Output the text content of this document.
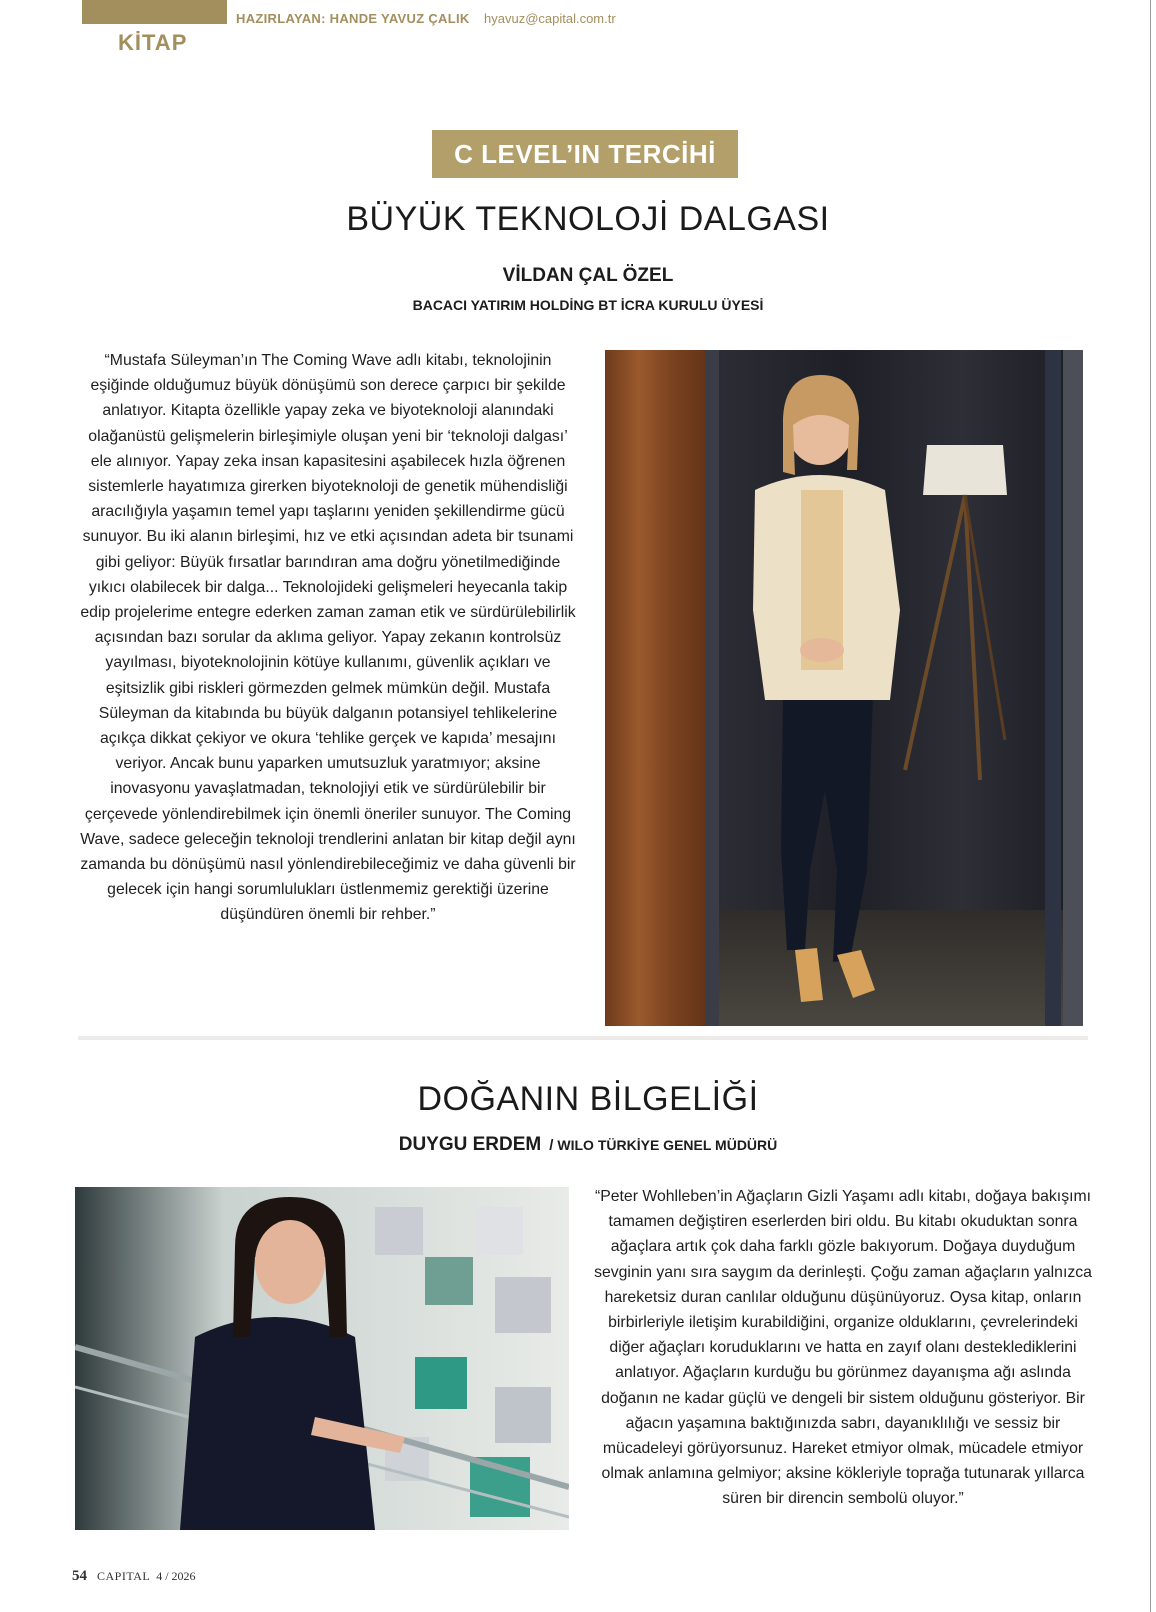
KİTAP
HAZIRLAYAN: HANDE YAVUZ ÇALIK hyavuz@capital.com.tr
C LEVEL’IN TERCİHİ
BÜYÜK TEKNOLOJİ DALGASI
VİLDAN ÇAL ÖZEL
BACACI YATIRIM HOLDİNG BT İCRA KURULU ÜYESİ
“Mustafa Süleyman’ın The Coming Wave adlı kitabı, teknolojinin eşiğinde olduğumuz büyük dönüşümü son derece çarpıcı bir şekilde anlatıyor. Kitapta özellikle yapay zeka ve biyoteknoloji alanındaki olağanüstü gelişmelerin birleşimiyle oluşan yeni bir ‘teknoloji dalgası’ ele alınıyor. Yapay zeka insan kapasitesini aşabilecek hızla öğrenen sistemlerle hayatımıza girerken biyoteknoloji de genetik mühendisliği aracılığıyla yaşamın temel yapı taşlarını yeniden şekillendirme gücü sunuyor. Bu iki alanın birleşimi, hız ve etki açısından adeta bir tsunami gibi geliyor: Büyük fırsatlar barındıran ama doğru yönetilmediğinde yıkıcı olabilecek bir dalga... Teknolojideki gelişmeleri heyecanla takip edip projelerime entegre ederken zaman zaman etik ve sürdürülebilirlik açısından bazı sorular da aklıma geliyor. Yapay zekanın kontrolsüz yayılması, biyoteknolojinin kötüye kullanımı, güvenlik açıkları ve eşitsizlik gibi riskleri görmezden gelmek mümkün değil. Mustafa Süleyman da kitabında bu büyük dalganın potansiyel tehlikelerine açıkça dikkat çekiyor ve okura ‘tehlike gerçek ve kapıda’ mesajını veriyor. Ancak bunu yaparken umutsuzluk yaratmıyor; aksine inovasyonu yavaşlatmadan, teknolojiyi etik ve sürdürülebilir bir çerçevede yönlendirebilmek için önemli öneriler sunuyor. The Coming Wave, sadece geleceğin teknoloji trendlerini anlatan bir kitap değil aynı zamanda bu dönüşümü nasıl yönlendirebileceğimiz ve daha güvenli bir gelecek için hangi sorumlulukları üstlenmemiz gerektiği üzerine düşündüren önemli bir rehber.”
DOĞANIN BİLGELİĞİ
DUYGU ERDEM / WILO TÜRKİYE GENEL MÜDÜRÜ
“Peter Wohlleben’in Ağaçların Gizli Yaşamı adlı kitabı, doğaya bakışımı tamamen değiştiren eserlerden biri oldu. Bu kitabı okuduktan sonra ağaçlara artık çok daha farklı gözle bakıyorum. Doğaya duyduğum sevginin yanı sıra saygım da derinleşti. Çoğu zaman ağaçların yalnızca hareketsiz duran canlılar olduğunu düşünüyoruz. Oysa kitap, onların birbirleriyle iletişim kurabildiğini, organize olduklarını, çevrelerindeki diğer ağaçları koruduklarını ve hatta en zayıf olanı desteklediklerini anlatıyor. Ağaçların kurduğu bu görünmez dayanışma ağı aslında doğanın ne kadar güçlü ve dengeli bir sistem olduğunu gösteriyor. Bir ağacın yaşamına baktığınızda sabrı, dayanıklılığı ve sessiz bir mücadeleyi görüyorsunuz. Hareket etmiyor olmak, mücadele etmiyor olmak anlamına gelmiyor; aksine kökleriyle toprağa tutunarak yıllarca süren bir direncin sembolü oluyor.”
54 CAPITAL 4 / 2026
